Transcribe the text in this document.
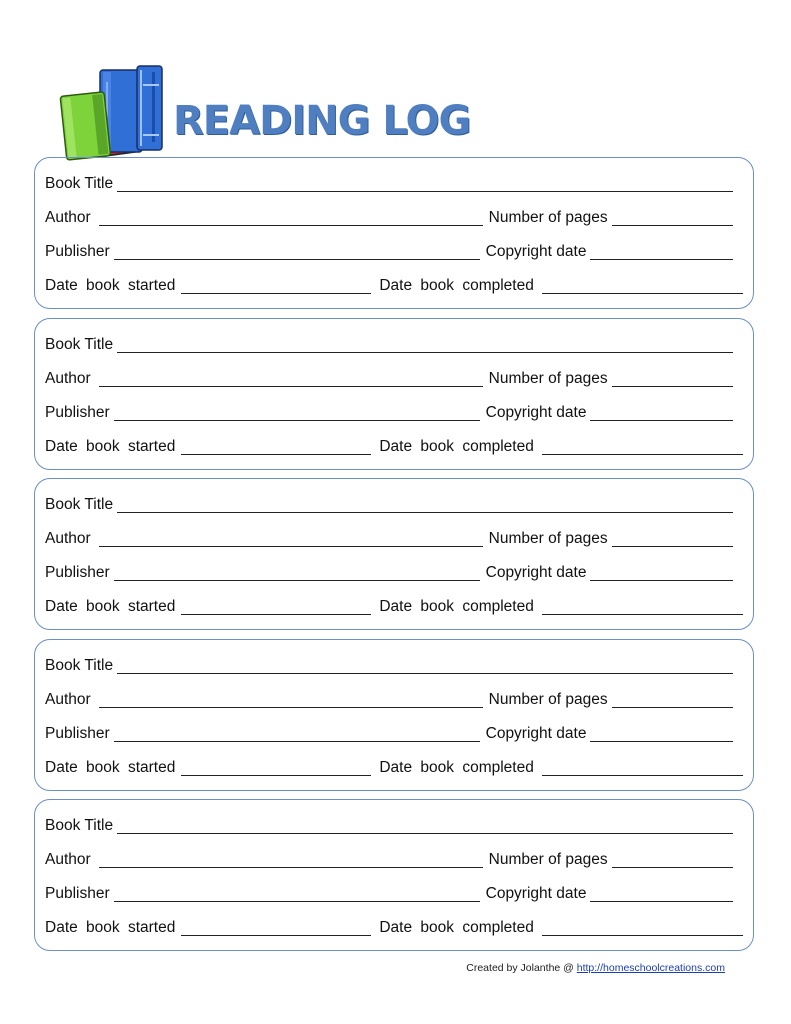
READING LOG
Book Title
Author	Number of pages
Publisher	Copyright date
Date book started	Date book completed
Book Title
Author	Number of pages
Publisher	Copyright date
Date book started	Date book completed
Book Title
Author	Number of pages
Publisher	Copyright date
Date book started	Date book completed
Book Title
Author	Number of pages
Publisher	Copyright date
Date book started	Date book completed
Book Title
Author	Number of pages
Publisher	Copyright date
Date book started	Date book completed
Created by Jolanthe @ http://homeschoolcreations.com
